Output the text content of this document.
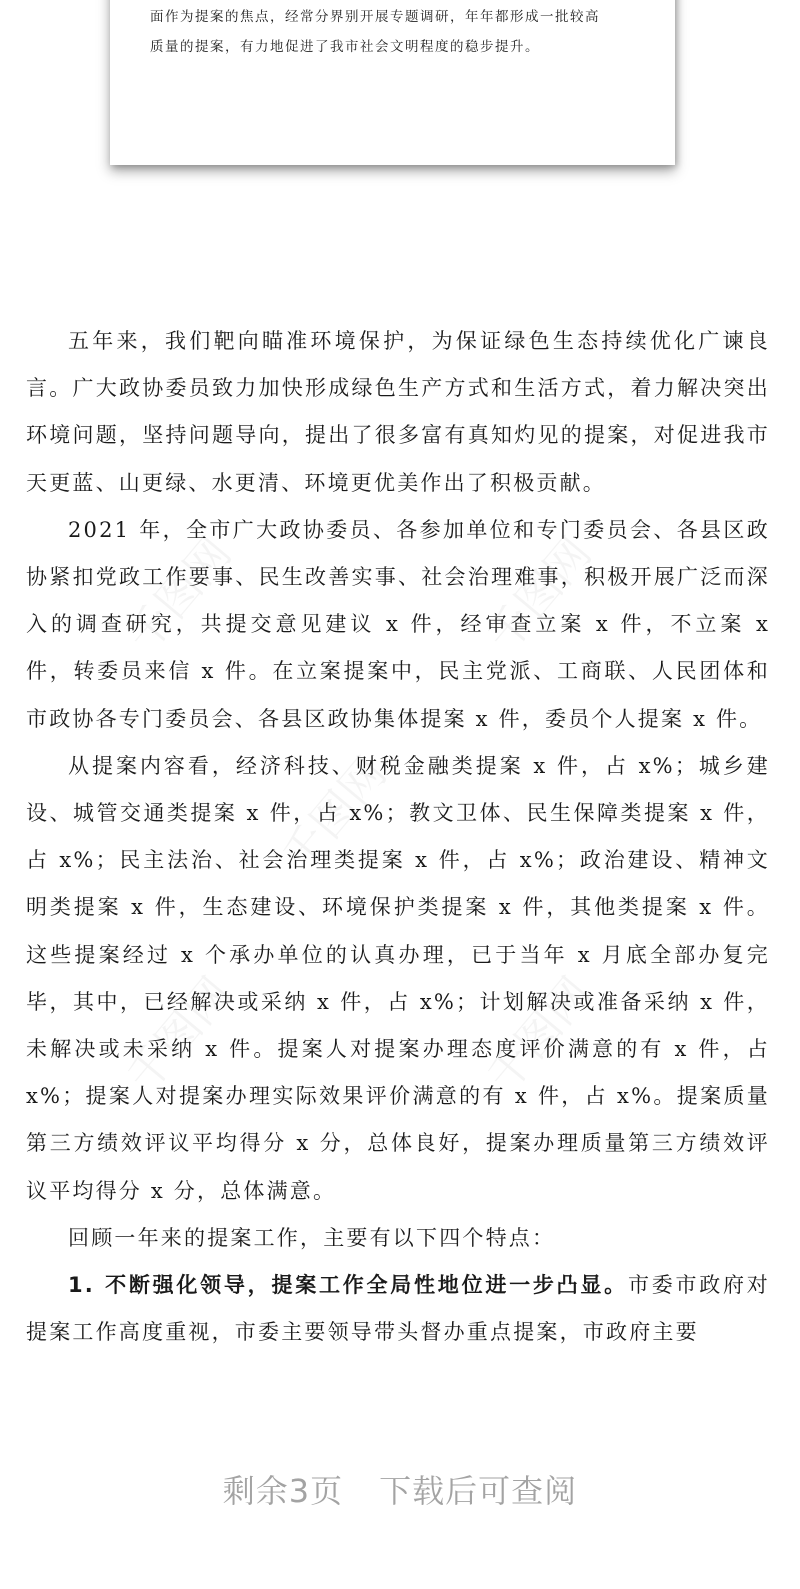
面作为提案的焦点，经常分界别开展专题调研，年年都形成一批较高

质量的提案，有力地促进了我市社会文明程度的稳步提升。

五年来，我们靶向瞄准环境保护，为保证绿色生态持续优化广谏良言。广大政协委员致力加快形成绿色生产方式和生活方式，着力解决突出环境问题，坚持问题导向，提出了很多富有真知灼见的提案，对促进我市天更蓝、山更绿、水更清、环境更优美作出了积极贡献。

2021 年，全市广大政协委员、各参加单位和专门委员会、各县区政协紧扣党政工作要事、民生改善实事、社会治理难事，积极开展广泛而深入的调查研究，共提交意见建议 x 件，经审查立案 x 件，不立案 x 件，转委员来信 x 件。在立案提案中，民主党派、工商联、人民团体和市政协各专门委员会、各县区政协集体提案 x 件，委员个人提案 x 件。

从提案内容看，经济科技、财税金融类提案 x 件，占 x%；城乡建设、城管交通类提案 x 件，占 x%；教文卫体、民生保障类提案 x 件，占 x%；民主法治、社会治理类提案 x 件，占 x%；政治建设、精神文明类提案 x 件，生态建设、环境保护类提案 x 件，其他类提案 x 件。这些提案经过 x 个承办单位的认真办理，已于当年 x 月底全部办复完毕，其中，已经解决或采纳 x 件，占 x%；计划解决或准备采纳 x 件，未解决或未采纳 x 件。提案人对提案办理态度评价满意的有 x 件，占 x%；提案人对提案办理实际效果评价满意的有 x 件，占 x%。提案质量第三方绩效评议平均得分 x 分，总体良好，提案办理质量第三方绩效评议平均得分 x 分，总体满意。

回顾一年来的提案工作，主要有以下四个特点：

1. 不断强化领导，提案工作全局性地位进一步凸显。市委市政府对提案工作高度重视，市委主要领导带头督办重点提案，市政府主要

剩余3页 下载后可查阅
